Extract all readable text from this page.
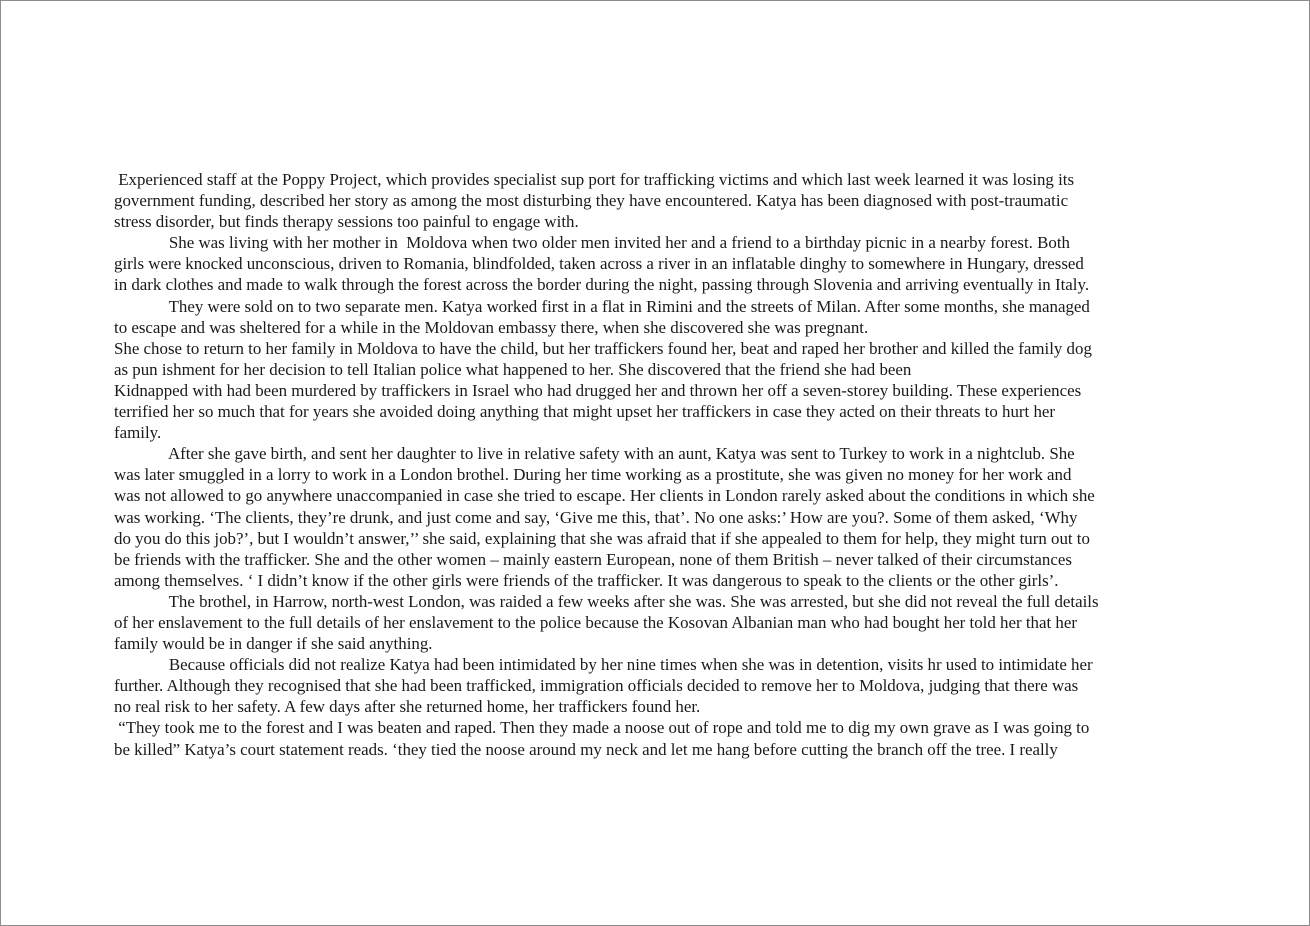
Experienced staff at the Poppy Project, which provides specialist sup port for trafficking victims and which last week learned it was losing its
government funding, described her story as among the most disturbing they have encountered. Katya has been diagnosed with post-traumatic
stress disorder, but finds therapy sessions too painful to engage with.
She was living with her mother in  Moldova when two older men invited her and a friend to a birthday picnic in a nearby forest. Both
girls were knocked unconscious, driven to Romania, blindfolded, taken across a river in an inflatable dinghy to somewhere in Hungary, dressed
in dark clothes and made to walk through the forest across the border during the night, passing through Slovenia and arriving eventually in Italy.
They were sold on to two separate men. Katya worked first in a flat in Rimini and the streets of Milan. After some months, she managed
to escape and was sheltered for a while in the Moldovan embassy there, when she discovered she was pregnant.
She chose to return to her family in Moldova to have the child, but her traffickers found her, beat and raped her brother and killed the family dog
as pun ishment for her decision to tell Italian police what happened to her. She discovered that the friend she had been
Kidnapped with had been murdered by traffickers in Israel who had drugged her and thrown her off a seven-storey building. These experiences
terrified her so much that for years she avoided doing anything that might upset her traffickers in case they acted on their threats to hurt her
family.
After she gave birth, and sent her daughter to live in relative safety with an aunt, Katya was sent to Turkey to work in a nightclub. She
was later smuggled in a lorry to work in a London brothel. During her time working as a prostitute, she was given no money for her work and
was not allowed to go anywhere unaccompanied in case she tried to escape. Her clients in London rarely asked about the conditions in which she
was working. ‘The clients, they’re drunk, and just come and say, ‘Give me this, that’. No one asks:’ How are you?. Some of them asked, ‘Why
do you do this job?’, but I wouldn’t answer,’’ she said, explaining that she was afraid that if she appealed to them for help, they might turn out to
be friends with the trafficker. She and the other women – mainly eastern European, none of them British – never talked of their circumstances
among themselves. ‘ I didn’t know if the other girls were friends of the trafficker. It was dangerous to speak to the clients or the other girls’.
The brothel, in Harrow, north-west London, was raided a few weeks after she was. She was arrested, but she did not reveal the full details
of her enslavement to the full details of her enslavement to the police because the Kosovan Albanian man who had bought her told her that her
family would be in danger if she said anything.
Because officials did not realize Katya had been intimidated by her nine times when she was in detention, visits hr used to intimidate her
further. Although they recognised that she had been trafficked, immigration officials decided to remove her to Moldova, judging that there was
no real risk to her safety. A few days after she returned home, her traffickers found her.
“They took me to the forest and I was beaten and raped. Then they made a noose out of rope and told me to dig my own grave as I was going to
be killed” Katya’s court statement reads. ‘they tied the noose around my neck and let me hang before cutting the branch off the tree. I really
